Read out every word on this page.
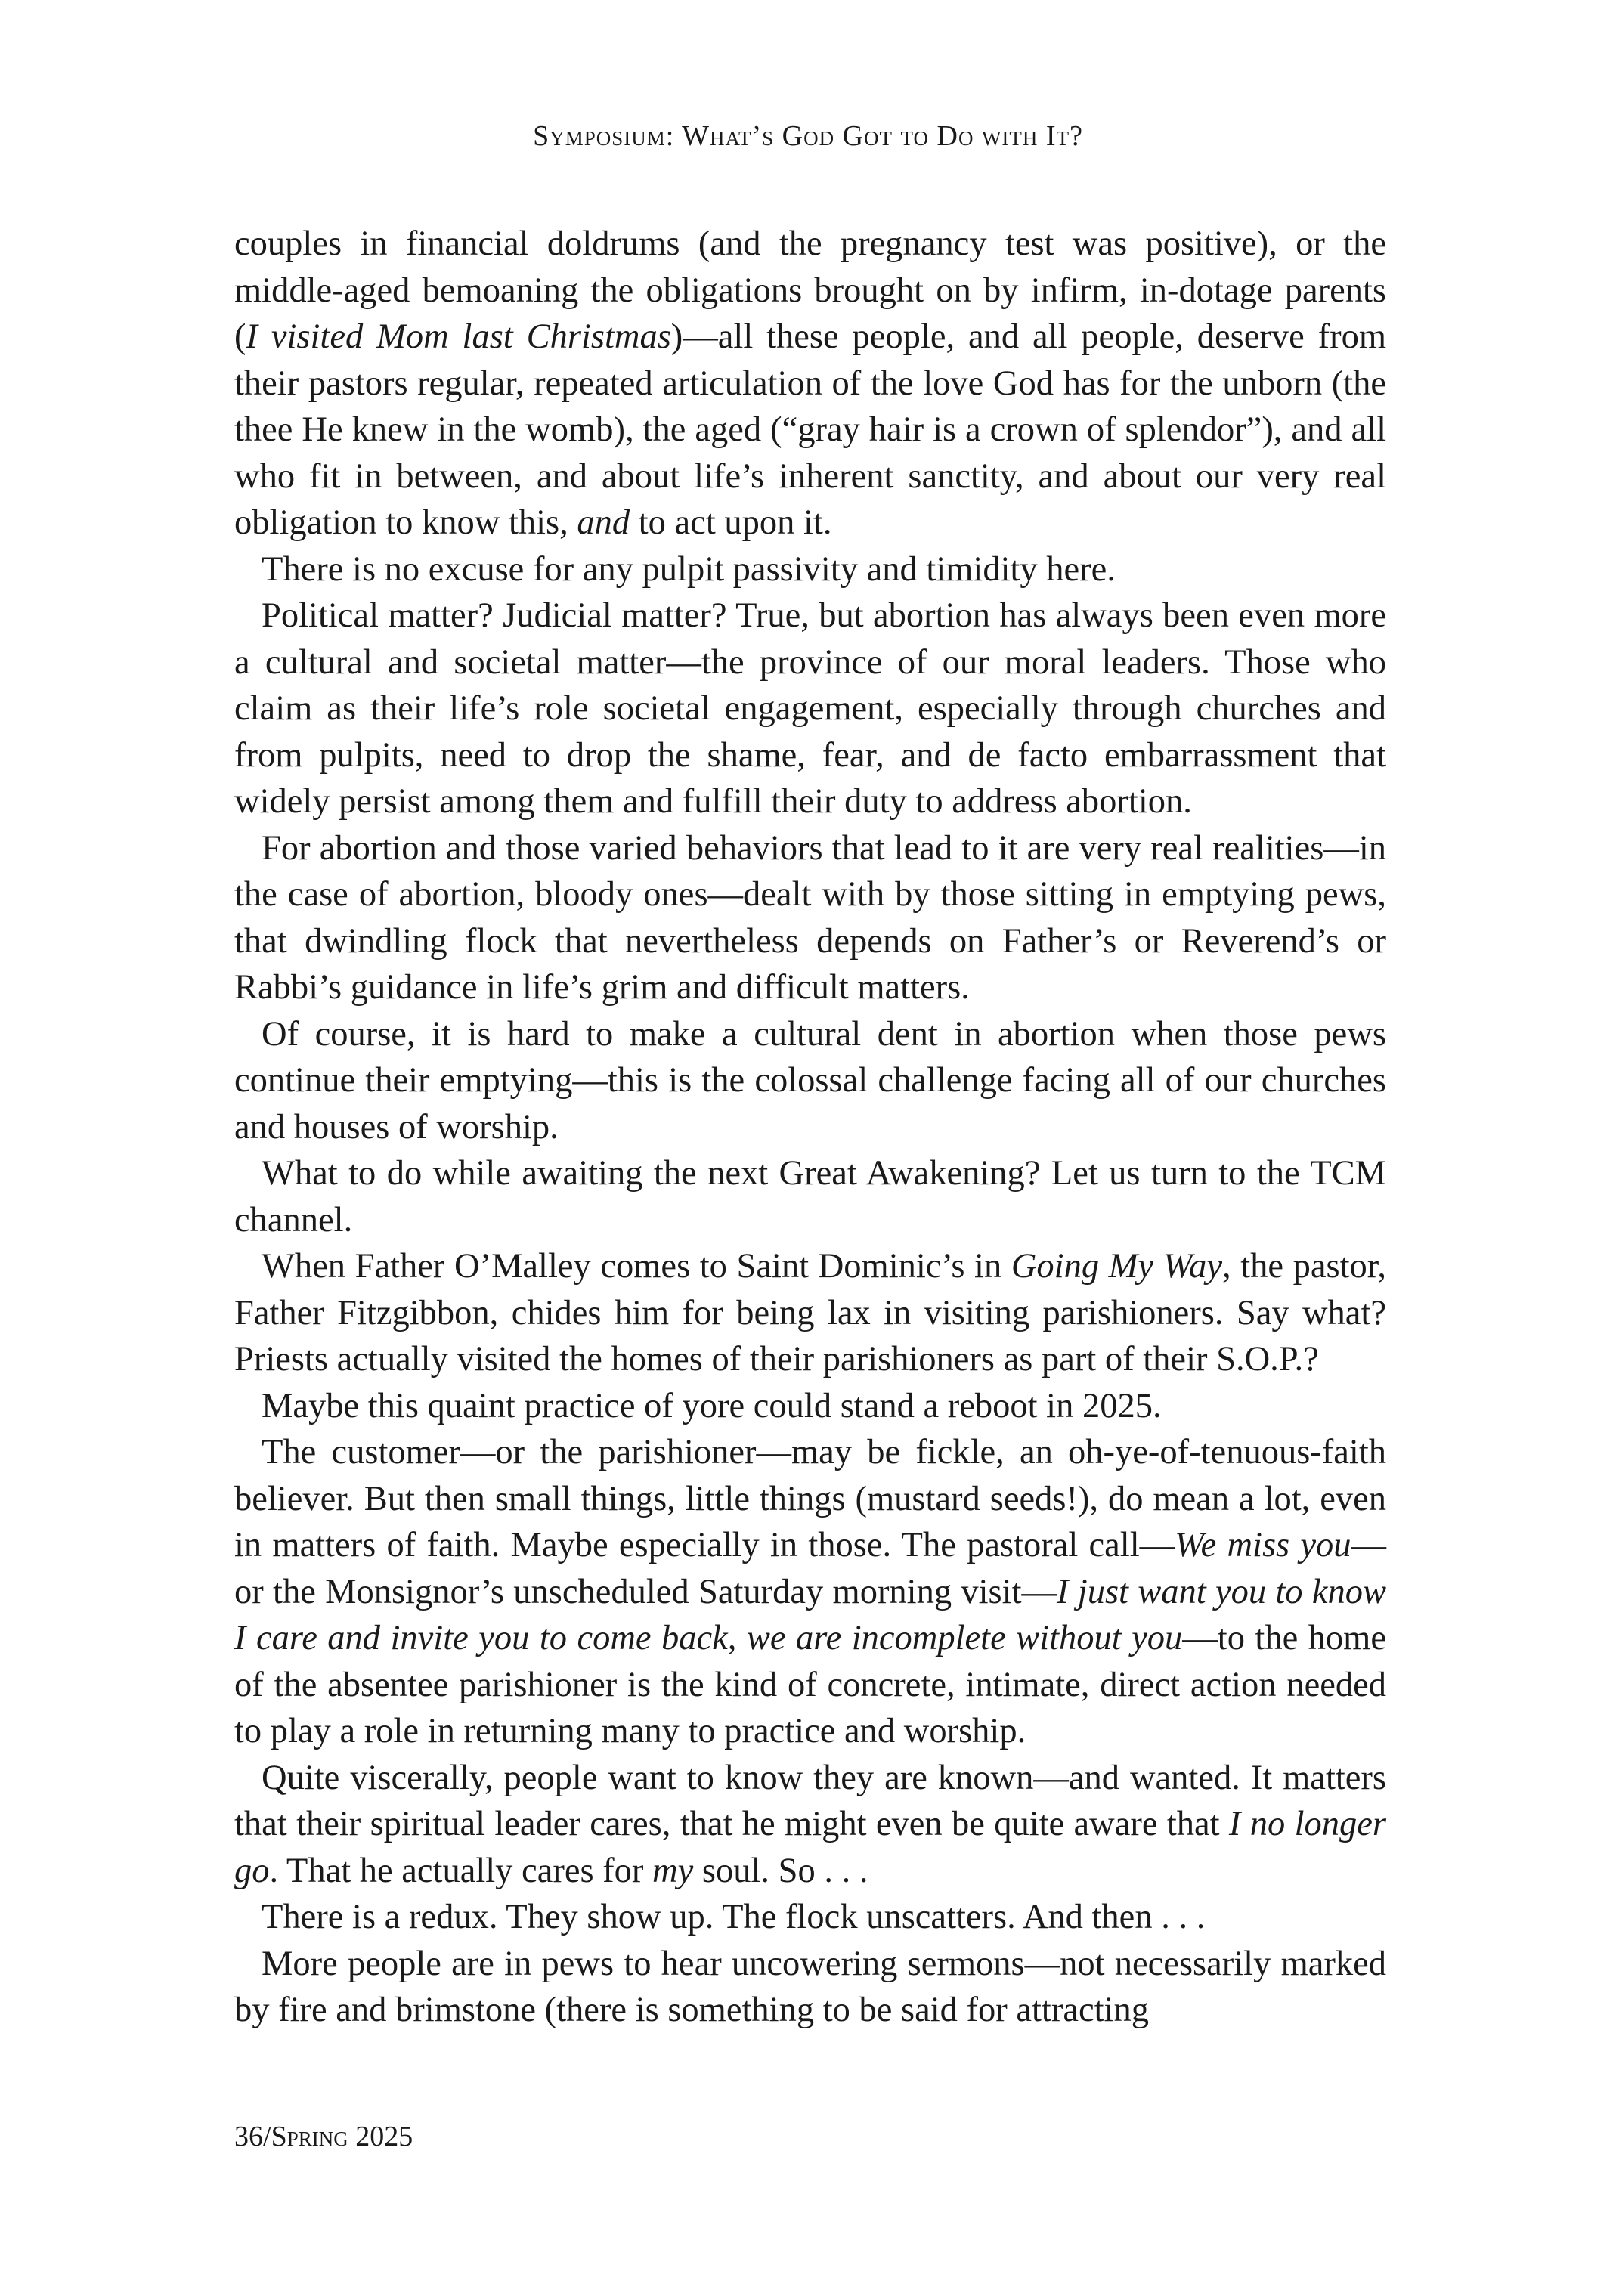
Symposium: What’s God Got to Do with It?

couples in financial doldrums (and the pregnancy test was positive), or the middle-aged bemoaning the obligations brought on by infirm, in-dotage parents (I visited Mom last Christmas)—all these people, and all people, deserve from their pastors regular, repeated articulation of the love God has for the unborn (the thee He knew in the womb), the aged (“gray hair is a crown of splendor”), and all who fit in between, and about life’s inherent sanctity, and about our very real obligation to know this, and to act upon it.

There is no excuse for any pulpit passivity and timidity here.

Political matter? Judicial matter? True, but abortion has always been even more a cultural and societal matter—the province of our moral leaders. Those who claim as their life’s role societal engagement, especially through churches and from pulpits, need to drop the shame, fear, and de facto embarrassment that widely persist among them and fulfill their duty to address abortion.

For abortion and those varied behaviors that lead to it are very real realities—in the case of abortion, bloody ones—dealt with by those sitting in emptying pews, that dwindling flock that nevertheless depends on Father’s or Reverend’s or Rabbi’s guidance in life’s grim and difficult matters.

Of course, it is hard to make a cultural dent in abortion when those pews continue their emptying—this is the colossal challenge facing all of our churches and houses of worship.

What to do while awaiting the next Great Awakening? Let us turn to the TCM channel.

When Father O’Malley comes to Saint Dominic’s in Going My Way, the pastor, Father Fitzgibbon, chides him for being lax in visiting parishioners. Say what? Priests actually visited the homes of their parishioners as part of their S.O.P.?

Maybe this quaint practice of yore could stand a reboot in 2025.

The customer—or the parishioner—may be fickle, an oh-ye-of-tenuous-faith believer. But then small things, little things (mustard seeds!), do mean a lot, even in matters of faith. Maybe especially in those. The pastoral call—We miss you—or the Monsignor’s unscheduled Saturday morning visit—I just want you to know I care and invite you to come back, we are incomplete without you—to the home of the absentee parishioner is the kind of concrete, intimate, direct action needed to play a role in returning many to practice and worship.

Quite viscerally, people want to know they are known—and wanted. It matters that their spiritual leader cares, that he might even be quite aware that I no longer go. That he actually cares for my soul. So . . .

There is a redux. They show up. The flock unscatters. And then . . .

More people are in pews to hear uncowering sermons—not necessarily marked by fire and brimstone (there is something to be said for attracting

36/Spring 2025
